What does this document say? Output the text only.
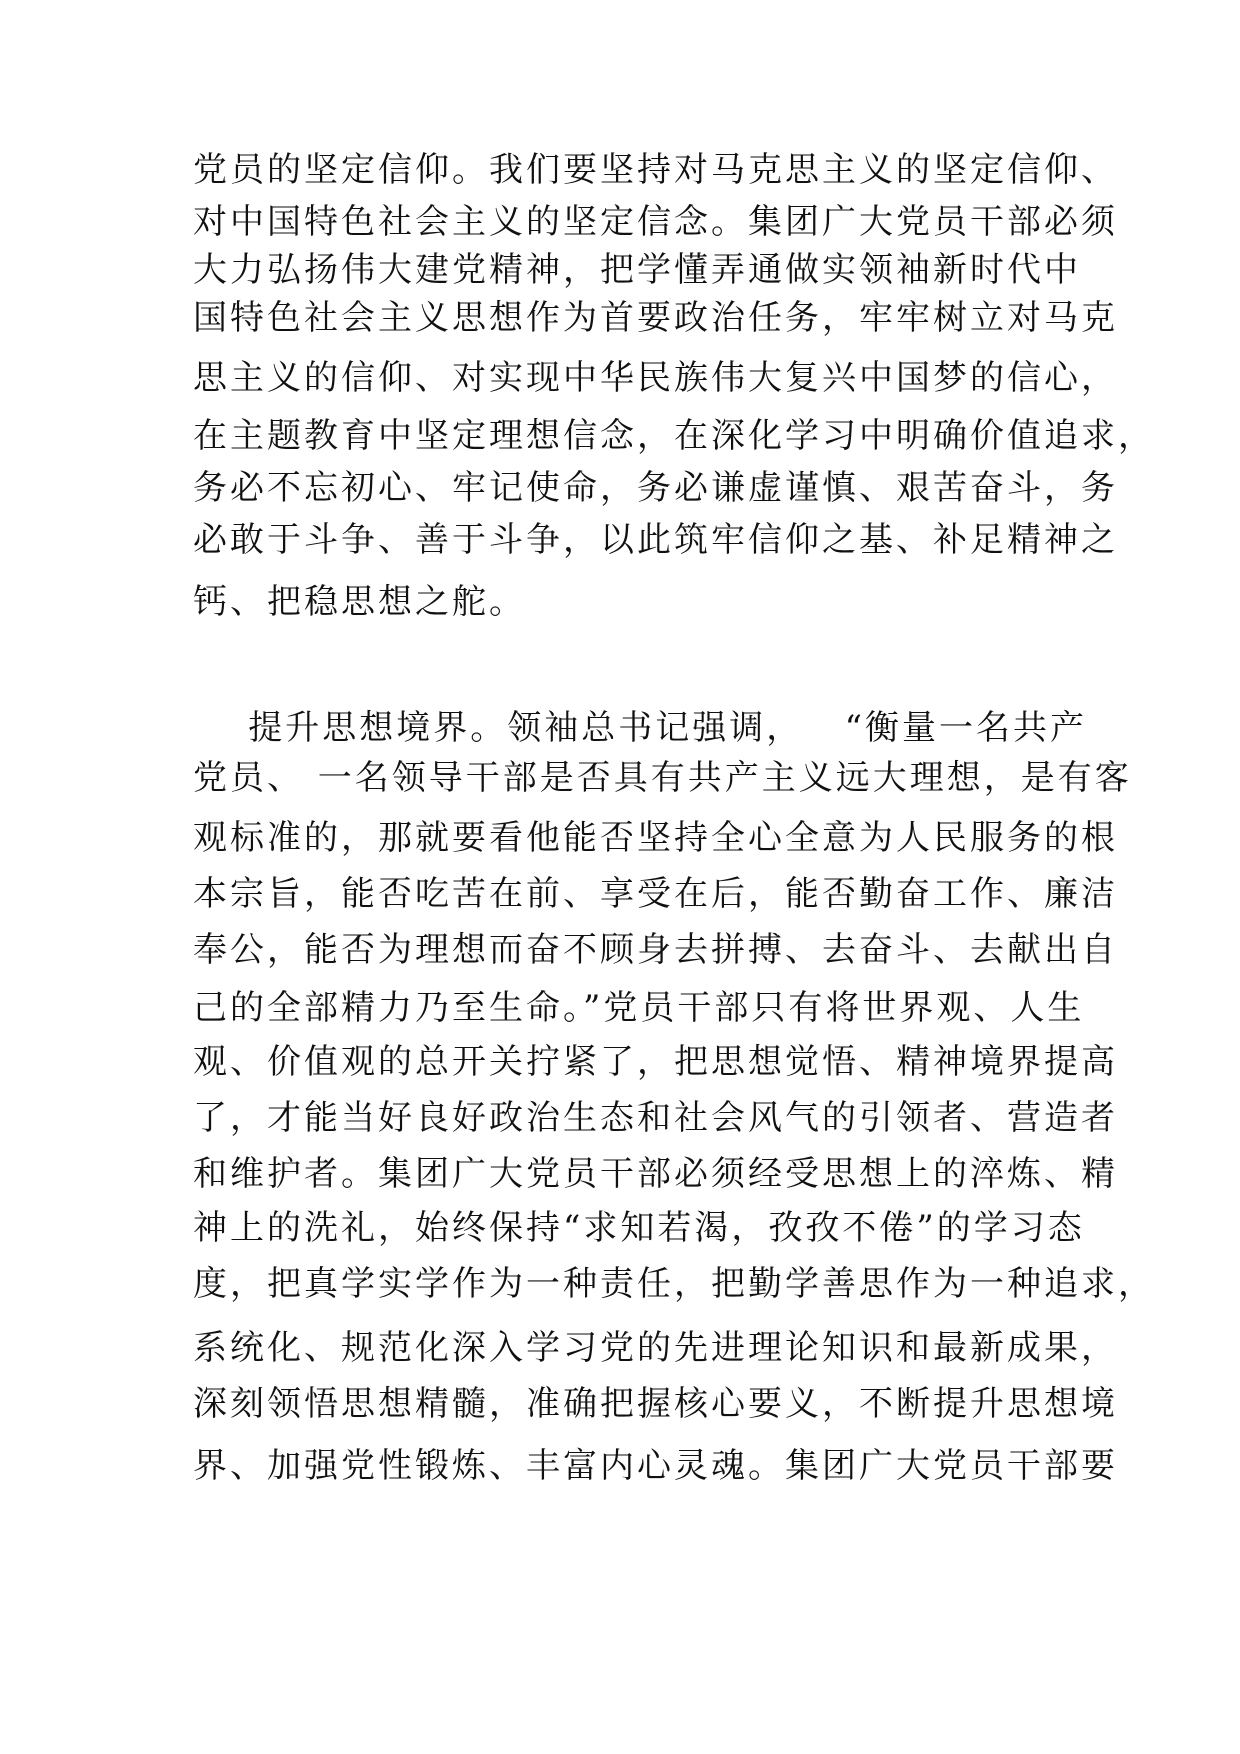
党员的坚定信仰。我们要坚持对马克思主义的坚定信仰、

对中国特色社会主义的坚定信念。集团广大党员干部必须

大力弘扬伟大建党精神，把学懂弄通做实领袖新时代中

国特色社会主义思想作为首要政治任务，牢牢树立对马克

思主义的信仰、对实现中华民族伟大复兴中国梦的信心，

在主题教育中坚定理想信念，在深化学习中明确价值追求，

务必不忘初心、牢记使命，务必谦虚谨慎、艰苦奋斗，务

必敢于斗争、善于斗争，以此筑牢信仰之基、补足精神之

钙、把稳思想之舵。

提升思想境界。领袖总书记强调，   “衡量一名共产

党员、 一名领导干部是否具有共产主义远大理想，是有客

观标准的，那就要看他能否坚持全心全意为人民服务的根

本宗旨，能否吃苦在前、享受在后，能否勤奋工作、廉洁

奉公，能否为理想而奋不顾身去拼搏、去奋斗、去献出自

己的全部精力乃至生命。”党员干部只有将世界观、人生

观、价值观的总开关拧紧了，把思想觉悟、精神境界提高

了，才能当好良好政治生态和社会风气的引领者、营造者

和维护者。集团广大党员干部必须经受思想上的淬炼、精

神上的洗礼，始终保持“求知若渴，孜孜不倦”的学习态

度，把真学实学作为一种责任，把勤学善思作为一种追求，

系统化、规范化深入学习党的先进理论知识和最新成果，

深刻领悟思想精髓，准确把握核心要义，不断提升思想境

界、加强党性锻炼、丰富内心灵魂。集团广大党员干部要
